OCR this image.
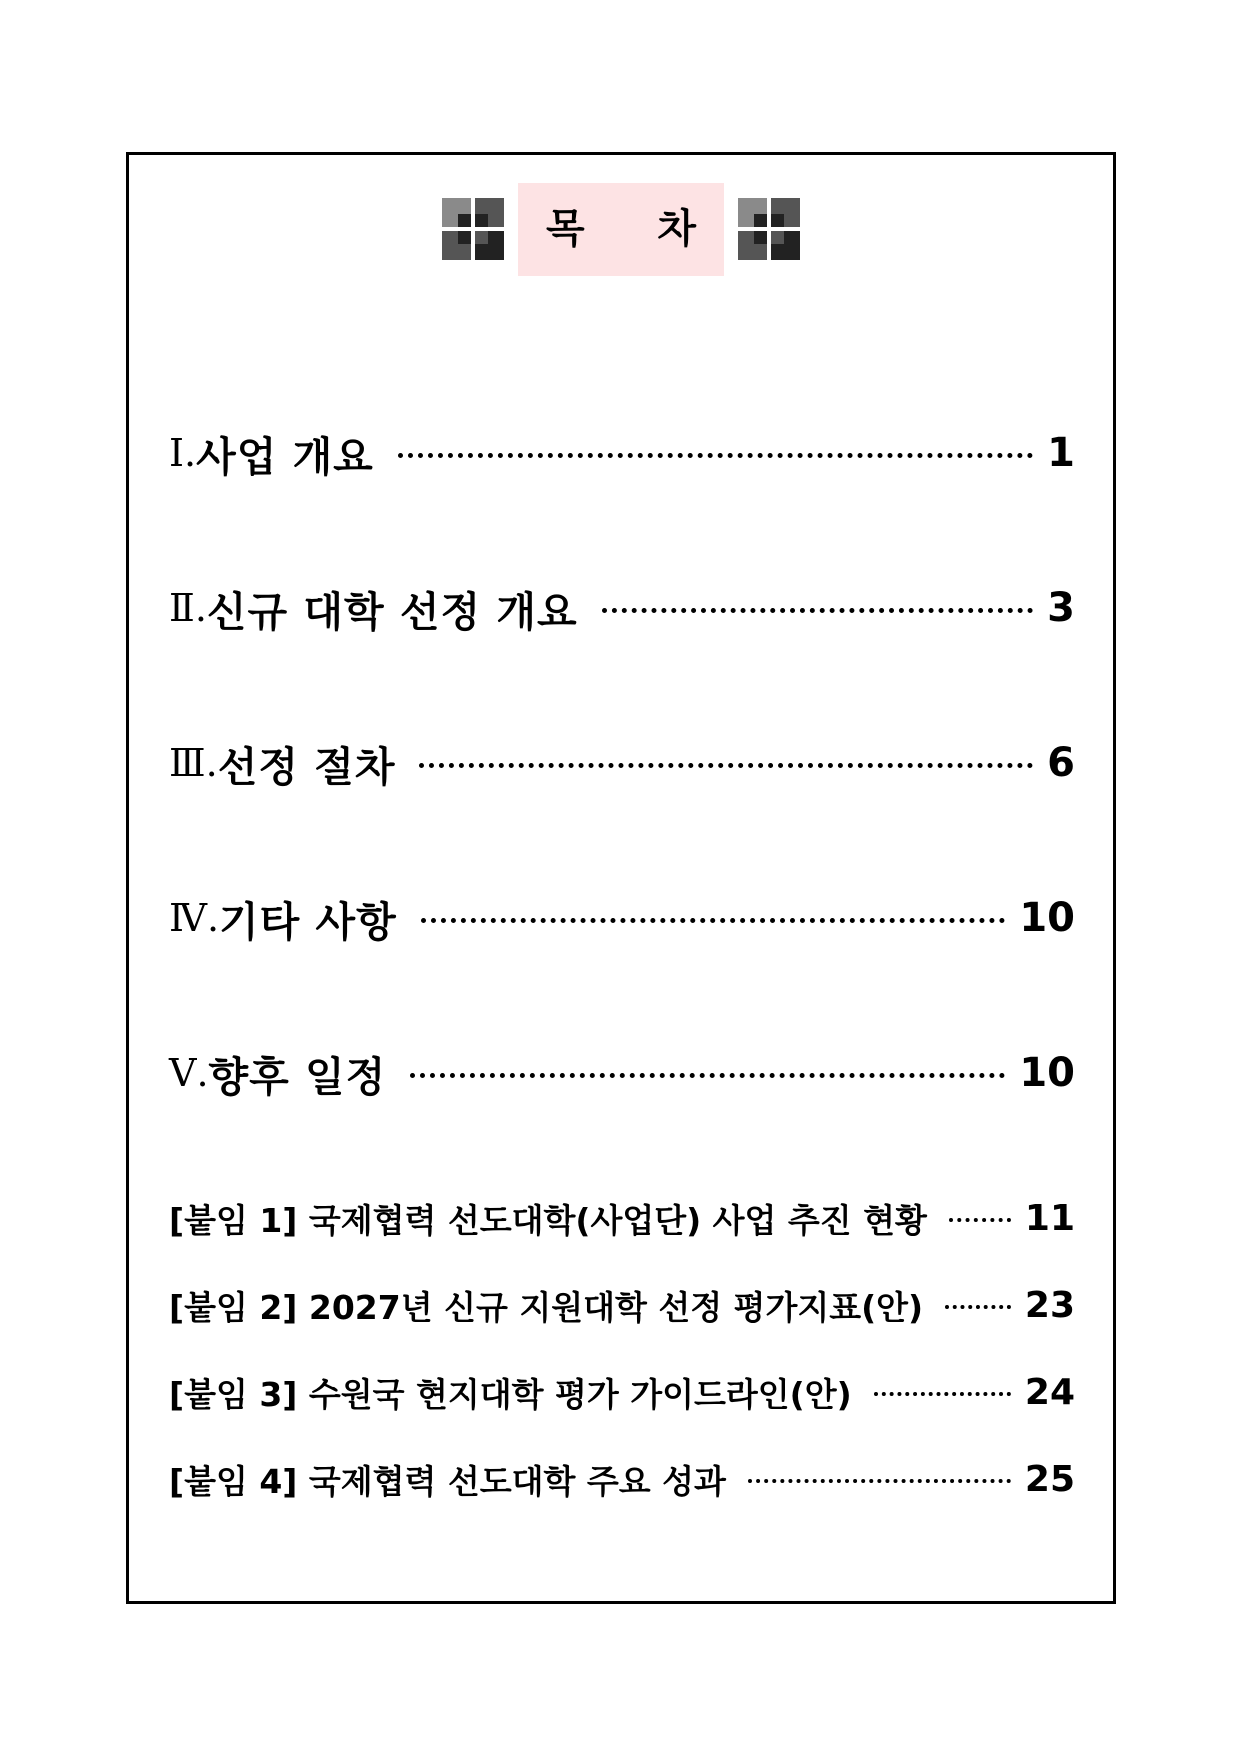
목 차
Ⅰ. 사업 개요	1
Ⅱ. 신규 대학 선정 개요	3
Ⅲ. 선정 절차	6
Ⅳ. 기타 사항	10
Ⅴ. 향후 일정	10
[붙임 1] 국제협력 선도대학(사업단) 사업 추진 현황	11
[붙임 2] 2027년 신규 지원대학 선정 평가지표(안)	23
[붙임 3] 수원국 현지대학 평가 가이드라인(안)	24
[붙임 4] 국제협력 선도대학 주요 성과	25
